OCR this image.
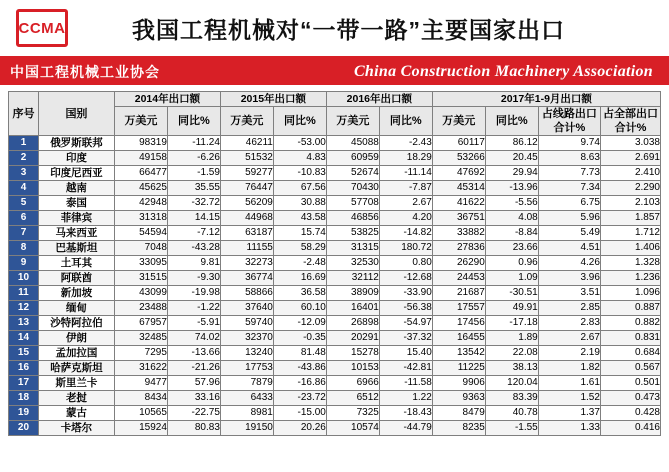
CCMA	我国工程机械对“一带一路”主要国家出口
中国工程机械工业协会	China Construction Machinery Association
序号	国别	2014年出口额		2015年出口额		2016年出口额		2017年1-9月出口额			
		万美元	同比%	万美元	同比%	万美元	同比%	万美元	同比%	占线路出口合计%	占全部出口合计%
1	俄罗斯联邦	98319	-11.24	46211	-53.00	45088	-2.43	60117	86.12	9.74	3.038
2	印度	49158	-6.26	51532	4.83	60959	18.29	53266	20.45	8.63	2.691
3	印度尼西亚	66477	-1.59	59277	-10.83	52674	-11.14	47692	29.94	7.73	2.410
4	越南	45625	35.55	76447	67.56	70430	-7.87	45314	-13.96	7.34	2.290
5	泰国	42948	-32.72	56209	30.88	57708	2.67	41622	-5.56	6.75	2.103
6	菲律宾	31318	14.15	44968	43.58	46856	4.20	36751	4.08	5.96	1.857
7	马来西亚	54594	-7.12	63187	15.74	53825	-14.82	33882	-8.84	5.49	1.712
8	巴基斯坦	7048	-43.28	11155	58.29	31315	180.72	27836	23.66	4.51	1.406
9	土耳其	33095	9.81	32273	-2.48	32530	0.80	26290	0.96	4.26	1.328
10	阿联酋	31515	-9.30	36774	16.69	32112	-12.68	24453	1.09	3.96	1.236
11	新加坡	43099	-19.98	58866	36.58	38909	-33.90	21687	-30.51	3.51	1.096
12	缅甸	23488	-1.22	37640	60.10	16401	-56.38	17557	49.91	2.85	0.887
13	沙特阿拉伯	67957	-5.91	59740	-12.09	26898	-54.97	17456	-17.18	2.83	0.882
14	伊朗	32485	74.02	32370	-0.35	20291	-37.32	16455	1.89	2.67	0.831
15	孟加拉国	7295	-13.66	13240	81.48	15278	15.40	13542	22.08	2.19	0.684
16	哈萨克斯坦	31622	-21.26	17753	-43.86	10153	-42.81	11225	38.13	1.82	0.567
17	斯里兰卡	9477	57.96	7879	-16.86	6966	-11.58	9906	120.04	1.61	0.501
18	老挝	8434	33.16	6433	-23.72	6512	1.22	9363	83.39	1.52	0.473
19	蒙古	10565	-22.75	8981	-15.00	7325	-18.43	8479	40.78	1.37	0.428
20	卡塔尔	15924	80.83	19150	20.26	10574	-44.79	8235	-1.55	1.33	0.416
